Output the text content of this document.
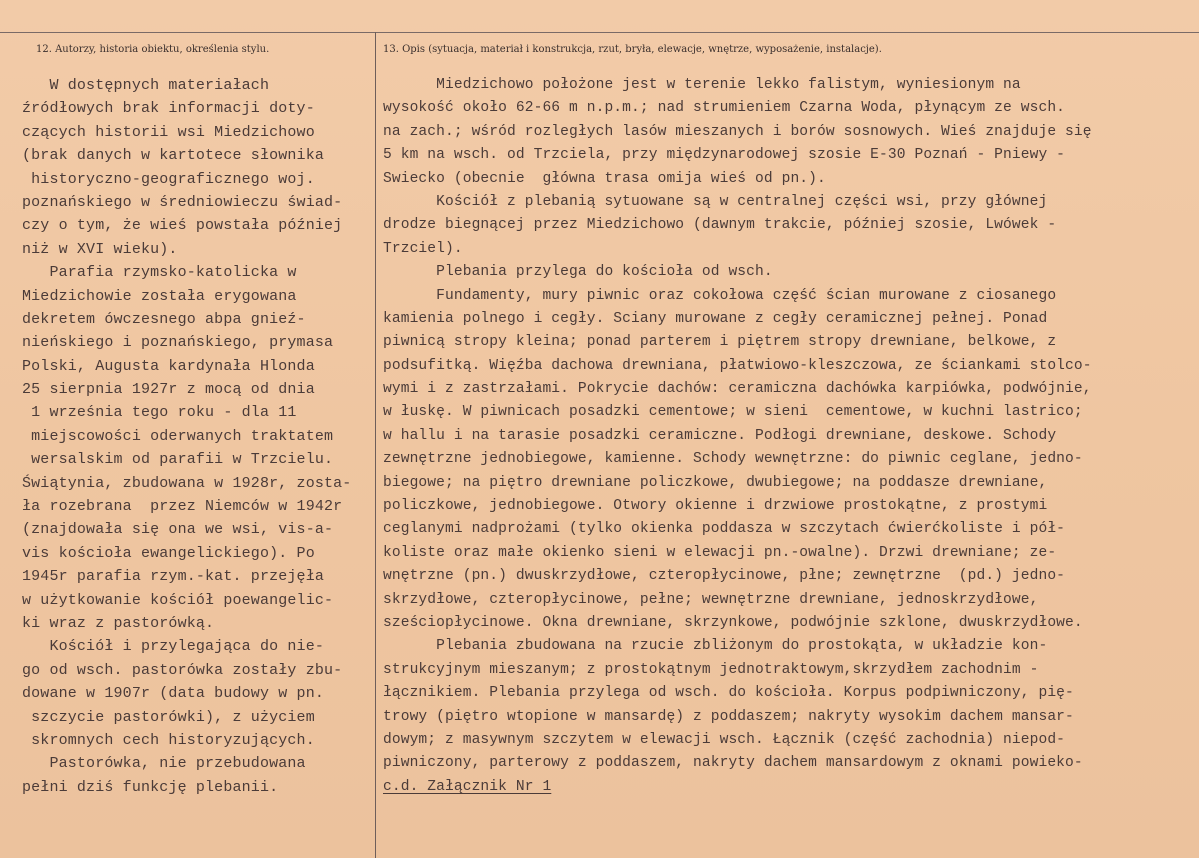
12. Autorzy, historia obiektu, określenia stylu.	13. Opis (sytuacja, materiał i konstrukcja, rzut, bryła, elewacje, wnętrze, wyposażenie, instalacje).
W dostępnych materiałach
źródłowych brak informacji doty-
czących historii wsi Miedzichowo
(brak danych w kartotece słownika
historyczno-geograficznego woj.
poznańskiego w średniowieczu świad-
czy o tym, że wieś powstała później
niż w XVI wieku).
Parafia rzymsko-katolicka w
Miedzichowie została erygowana
dekretem ówczesnego abpa gnieź-
nieńskiego i poznańskiego, prymasa
Polski, Augusta kardynała Hlonda
25 sierpnia 1927r z mocą od dnia
1 września tego roku - dla 11
miejscowości oderwanych traktatem
wersalskim od parafii w Trzcielu.
Świątynia, zbudowana w 1928r, zosta-
ła rozebrana  przez Niemców w 1942r
(znajdowała się ona we wsi, vis-a-
vis kościoła ewangelickiego). Po
1945r parafia rzym.-kat. przejęła
w użytkowanie kościół poewangelic-
ki wraz z pastorówką.
Kościół i przylegająca do nie-
go od wsch. pastorówka zostały zbu-
dowane w 1907r (data budowy w pn.
szczycie pastorówki), z użyciem
skromnych cech historyzujących.
Pastorówka, nie przebudowana
pełni dziś funkcję plebanii.
Miedzichowo położone jest w terenie lekko falistym, wyniesionym na
wysokość około 62-66 m n.p.m.; nad strumieniem Czarna Woda, płynącym ze wsch.
na zach.; wśród rozległych lasów mieszanych i borów sosnowych. Wieś znajduje się
5 km na wsch. od Trzciela, przy międzynarodowej szosie E-30 Poznań - Pniewy -
Swiecko (obecnie  główna trasa omija wieś od pn.).
Kościół z plebanią sytuowane są w centralnej części wsi, przy głównej
drodze biegnącej przez Miedzichowo (dawnym trakcie, później szosie, Lwówek -
Trzciel).
Plebania przylega do kościoła od wsch.
Fundamenty, mury piwnic oraz cokołowa część ścian murowane z ciosanego
kamienia polnego i cegły. Sciany murowane z cegły ceramicznej pełnej. Ponad
piwnicą stropy kleina; ponad parterem i piętrem stropy drewniane, belkowe, z
podsufitką. Więźba dachowa drewniana, płatwiowo-kleszczowa, ze ściankami stolco-
wymi i z zastrzałami. Pokrycie dachów: ceramiczna dachówka karpiówka, podwójnie,
w łuskę. W piwnicach posadzki cementowe; w sieni  cementowe, w kuchni lastrico;
w hallu i na tarasie posadzki ceramiczne. Podłogi drewniane, deskowe. Schody
zewnętrzne jednobiegowe, kamienne. Schody wewnętrzne: do piwnic ceglane, jedno-
biegowe; na piętro drewniane policzkowe, dwubiegowe; na poddasze drewniane,
policzkowe, jednobiegowe. Otwory okienne i drzwiowe prostokątne, z prostymi
ceglanymi nadprożami (tylko okienka poddasza w szczytach ćwierćkoliste i pół-
koliste oraz małe okienko sieni w elewacji pn.-owalne). Drzwi drewniane; ze-
wnętrzne (pn.) dwuskrzydłowe, czteropłycinowe, płne; zewnętrzne  (pd.) jedno-
skrzydłowe, czteropłycinowe, pełne; wewnętrzne drewniane, jednoskrzydłowe,
sześciopłycinowe. Okna drewniane, skrzynkowe, podwójnie szklone, dwuskrzydłowe.
Plebania zbudowana na rzucie zbliżonym do prostokąta, w układzie kon-
strukcyjnym mieszanym; z prostokątnym jednotraktowym,skrzydłem zachodnim -
łącznikiem. Plebania przylega od wsch. do kościoła. Korpus podpiwniczony, pię-
trowy (piętro wtopione w mansardę) z poddaszem; nakryty wysokim dachem mansar-
dowym; z masywnym szczytem w elewacji wsch. Łącznik (część zachodnia) niepod-
piwniczony, parterowy z poddaszem, nakryty dachem mansardowym z oknami powieko-
c.d. Załącznik Nr 1
